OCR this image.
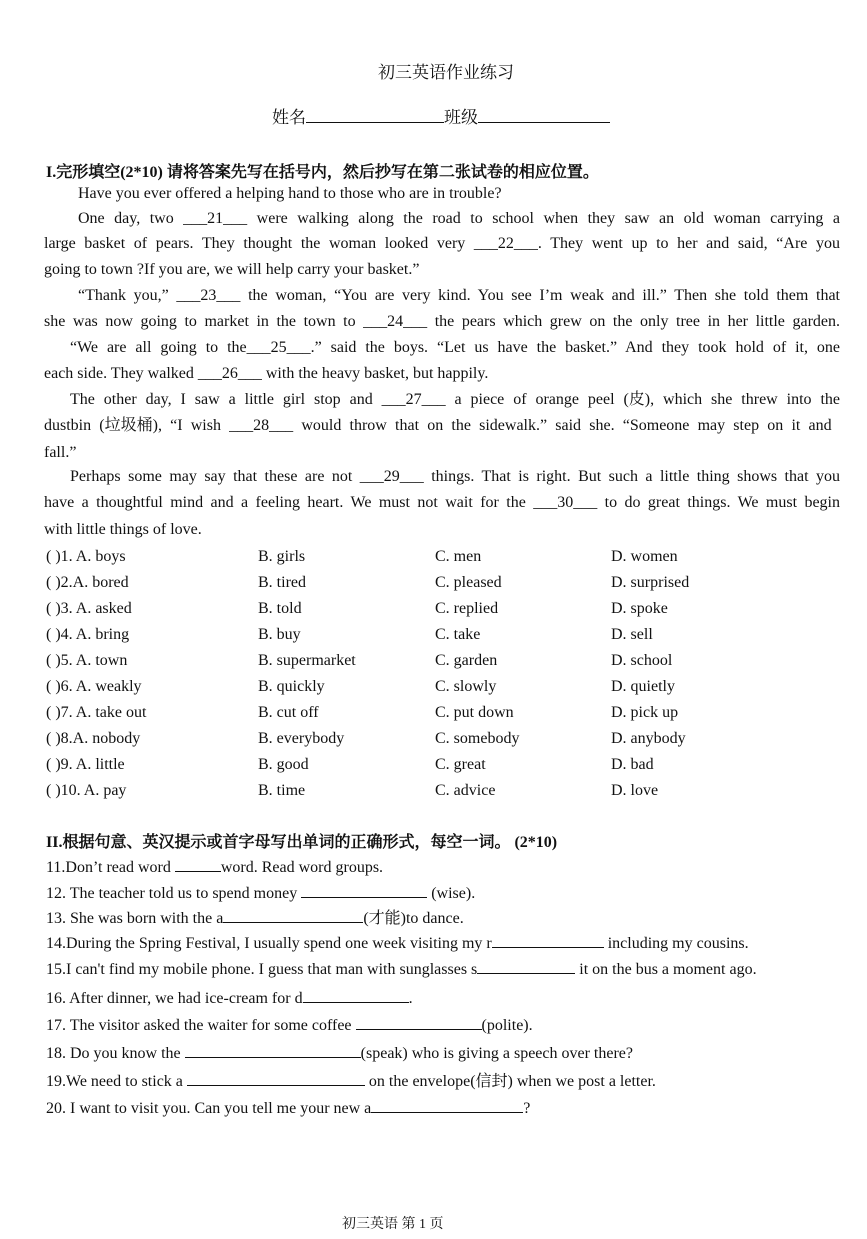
初三英语作业练习
姓名	班级
I.完形填空(2*10) 请将答案先写在括号内，然后抄写在第二张试卷的相应位置。
Have you ever offered a helping hand to those who are in trouble?
One day, two ___21___ were walking along the road to school when they saw an old woman carrying a
large basket of pears. They thought the woman looked very ___22___. They went up to her and said, “Are you
going to town ?If you are, we will help carry your basket.”
“Thank you,” ___23___ the woman, “You are very kind. You see I’m weak and ill.” Then she told them that
she was now going to market in the town to ___24___ the pears which grew on the only tree in her little garden.
“We are all going to the___25___.” said the boys. “Let us have the basket.” And they took hold of it, one
each side. They walked ___26___ with the heavy basket, but happily.
The other day, I saw a little girl stop and ___27___ a piece of orange peel (皮), which she threw into the
dustbin (垃圾桶), “I wish ___28___ would throw that on the sidewalk.” said she. “Someone may step on it and
fall.”
Perhaps some may say that these are not ___29___ things. That is right. But such a little thing shows that you
have a thoughtful mind and a feeling heart. We must not wait for the ___30___ to do great things. We must begin
with little things of love.
( )1. A. boys	B. girls	C. men	D. women
( )2.A. bored	B. tired	C. pleased	D. surprised
( )3. A. asked	B. told	C. replied	D. spoke
( )4. A. bring	B. buy	C. take	D. sell
( )5. A. town	B. supermarket	C. garden	D. school
( )6. A. weakly	B. quickly	C. slowly	D. quietly
( )7. A. take out	B. cut off	C. put down	D. pick up
( )8.A. nobody	B. everybody	C. somebody	D. anybody
( )9. A. little	B. good	C. great	D. bad
( )10. A. pay	B. time	C. advice	D. love
II.根据句意、英汉提示或首字母写出单词的正确形式，每空一词。 (2*10)
11.Don’t read word	word. Read word groups.
12. The teacher told us to spend money	(wise).
13. She was born with the a	(才能)to dance.
14.During the Spring Festival, I usually spend one week visiting my r	including my cousins.
15.I can't find my mobile phone. I guess that man with sunglasses s	it on the bus a moment ago.
16. After dinner, we had ice-cream for d	.
17. The visitor asked the waiter for some coffee	(polite).
18. Do you know the	(speak) who is giving a speech over there?
19.We need to stick a	on the envelope(信封) when we post a letter.
20. I want to visit you. Can you tell me your new a	?
初三英语 第 1 页
